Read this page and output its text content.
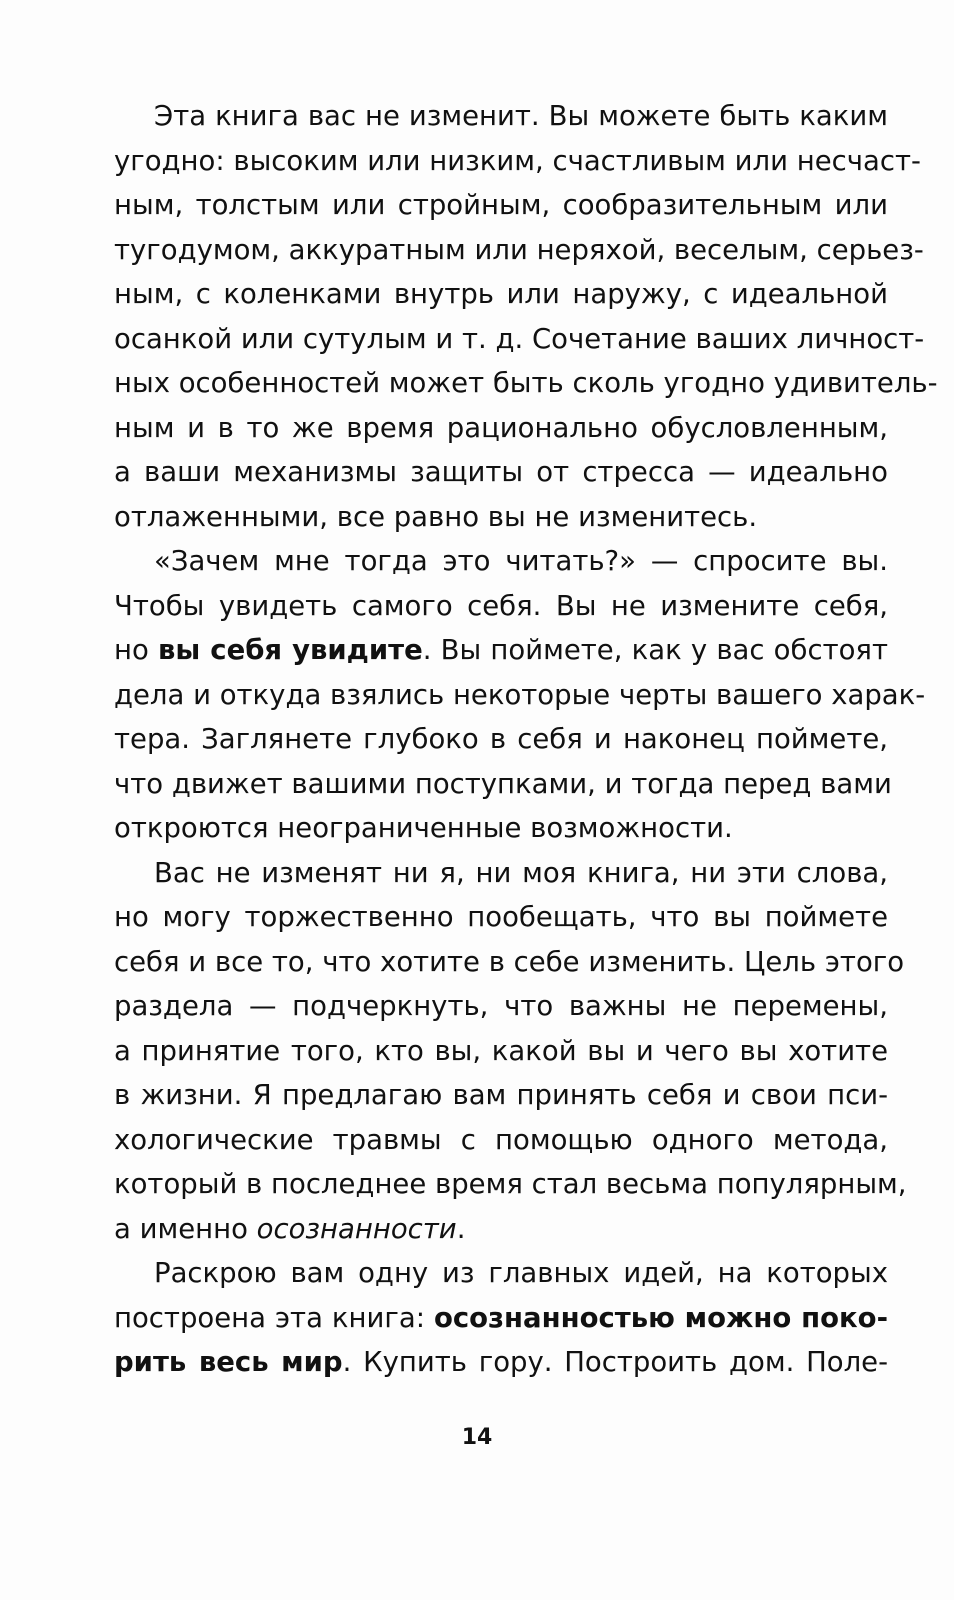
Эта книга вас не изменит. Вы можете быть каким
угодно: высоким или низким, счастливым или несчаст-
ным, толстым или стройным, сообразительным или
тугодумом, аккуратным или неряхой, веселым, серьез-
ным, с коленками внутрь или наружу, с идеальной
осанкой или сутулым и т. д. Сочетание ваших личност-
ных особенностей может быть сколь угодно удивитель-
ным и в то же время рационально обусловленным,
а ваши механизмы защиты от стресса — идеально
отлаженными, все равно вы не изменитесь.
«Зачем мне тогда это читать?» — спросите вы.
Чтобы увидеть самого себя. Вы не измените себя,
но вы себя увидите. Вы поймете, как у вас обстоят
дела и откуда взялись некоторые черты вашего харак-
тера. Заглянете глубоко в себя и наконец поймете,
что движет вашими поступками, и тогда перед вами
откроются неограниченные возможности.
Вас не изменят ни я, ни моя книга, ни эти слова,
но могу торжественно пообещать, что вы поймете
себя и все то, что хотите в себе изменить. Цель этого
раздела — подчеркнуть, что важны не перемены,
а принятие того, кто вы, какой вы и чего вы хотите
в жизни. Я предлагаю вам принять себя и свои пси-
хологические травмы с помощью одного метода,
который в последнее время стал весьма популярным,
а именно осознанности.
Раскрою вам одну из главных идей, на которых
построена эта книга: осознанностью можно поко-
рить весь мир. Купить гору. Построить дом. Поле-
14
